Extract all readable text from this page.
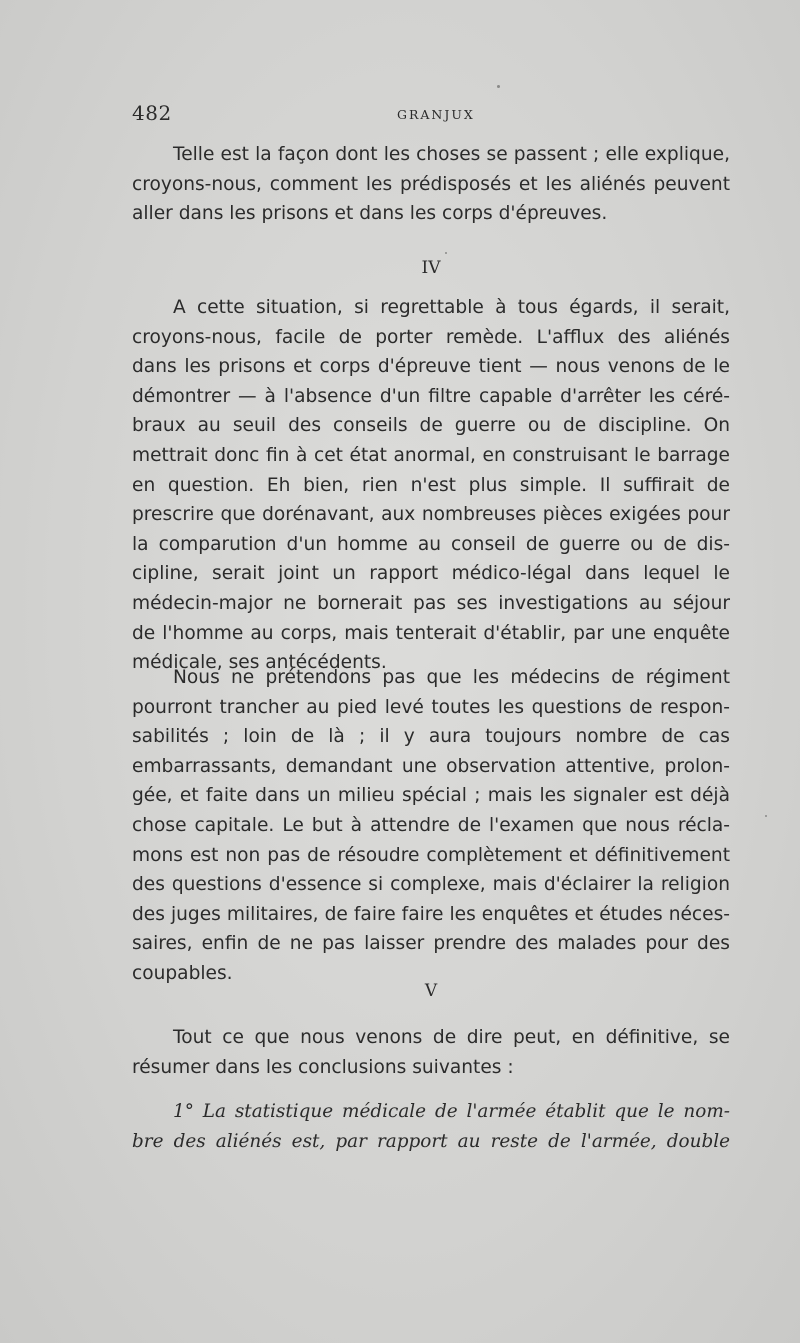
482	GRANJUX
Telle est la façon dont les choses se passent ; elle explique,
croyons-nous, comment les prédisposés et les aliénés peuvent
aller dans les prisons et dans les corps d'épreuves.
IV
A cette situation, si regrettable à tous égards, il serait,
croyons-nous, facile de porter remède. L'afflux des aliénés
dans les prisons et corps d'épreuve tient — nous venons de le
démontrer — à l'absence d'un filtre capable d'arrêter les céré-
braux au seuil des conseils de guerre ou de discipline. On
mettrait donc fin à cet état anormal, en construisant le barrage
en question. Eh bien, rien n'est plus simple. Il suffirait de
prescrire que dorénavant, aux nombreuses pièces exigées pour
la comparution d'un homme au conseil de guerre ou de dis-
cipline, serait joint un rapport médico-légal dans lequel le
médecin-major ne bornerait pas ses investigations au séjour
de l'homme au corps, mais tenterait d'établir, par une enquête
médicale, ses antécédents.
Nous ne prétendons pas que les médecins de régiment
pourront trancher au pied levé toutes les questions de respon-
sabilités ; loin de là ; il y aura toujours nombre de cas
embarrassants, demandant une observation attentive, prolon-
gée, et faite dans un milieu spécial ; mais les signaler est déjà
chose capitale. Le but à attendre de l'examen que nous récla-
mons est non pas de résoudre complètement et définitivement
des questions d'essence si complexe, mais d'éclairer la religion
des juges militaires, de faire faire les enquêtes et études néces-
saires, enfin de ne pas laisser prendre des malades pour des
coupables.
V
Tout ce que nous venons de dire peut, en définitive, se
résumer dans les conclusions suivantes :
1° La statistique médicale de l'armée établit que le nom-
bre des aliénés est, par rapport au reste de l'armée, double
